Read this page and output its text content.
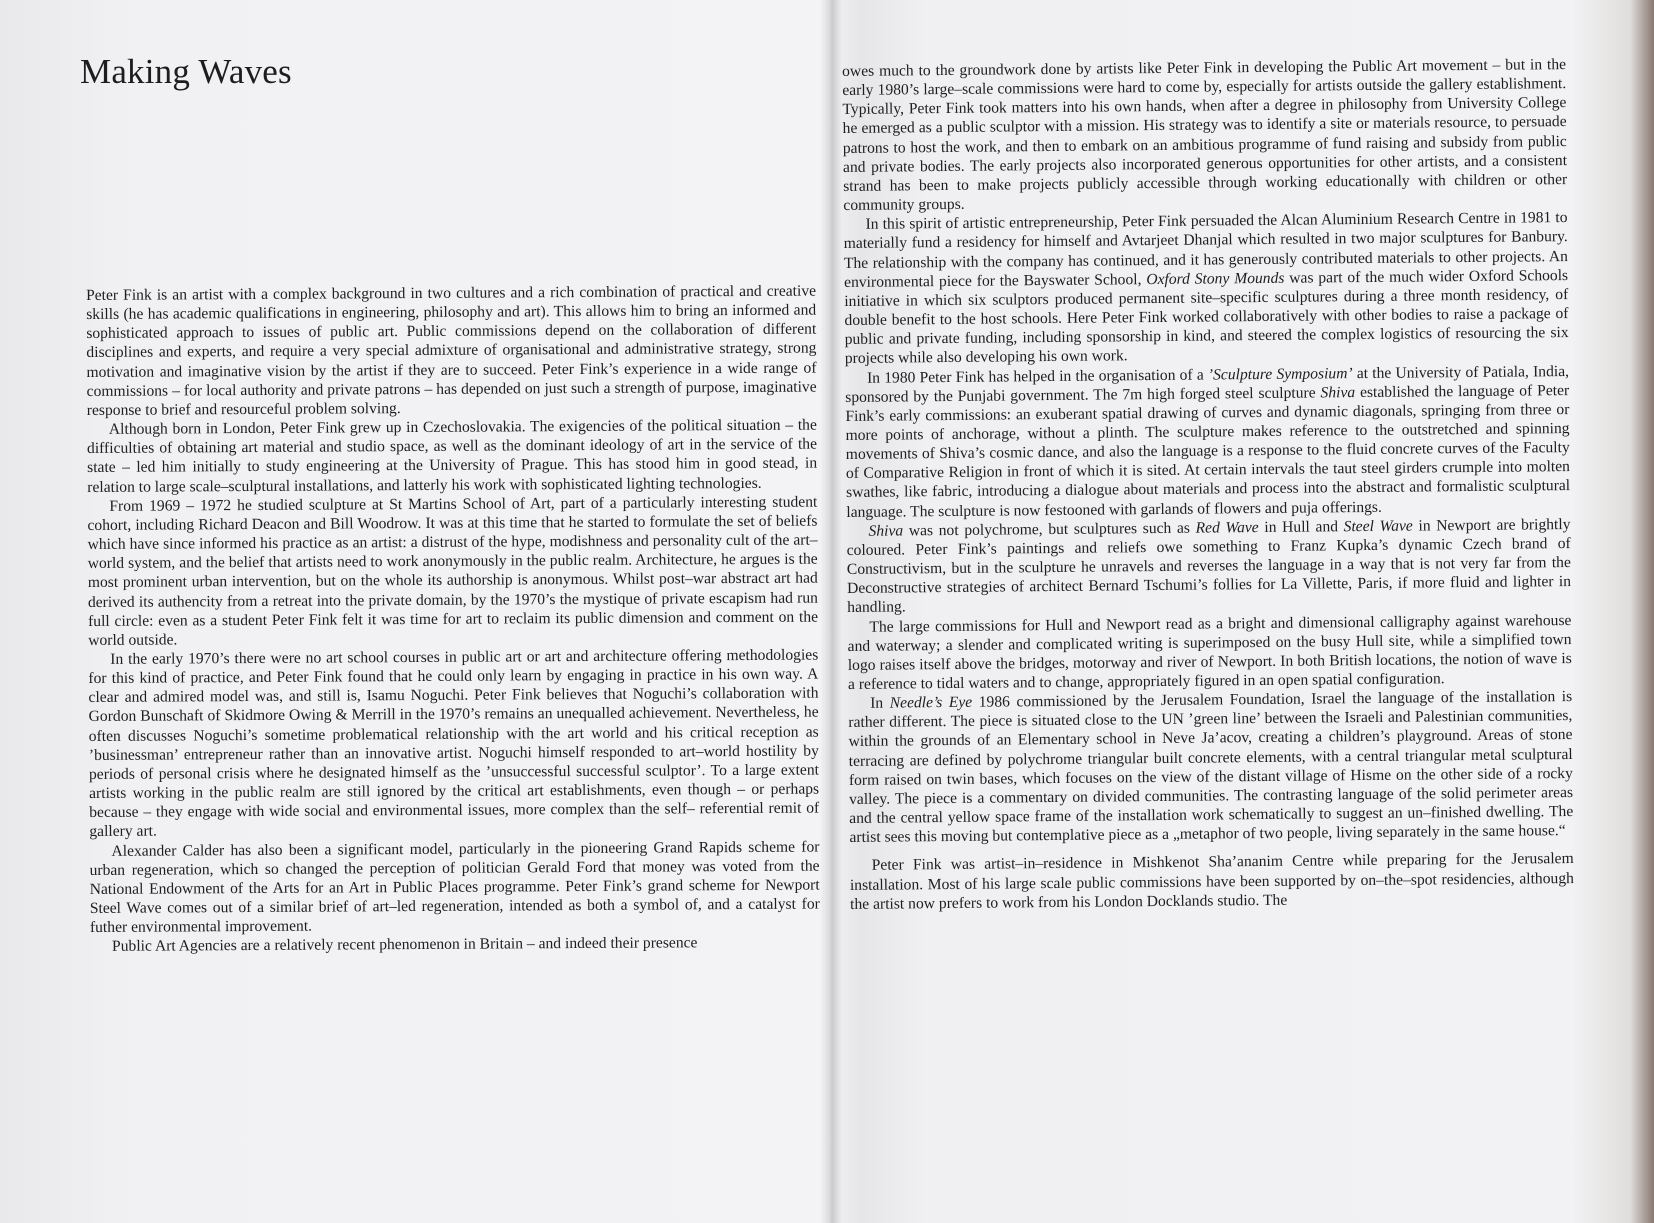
Making Waves

Peter Fink is an artist with a complex background in two cultures and a rich combination of practical and creative skills (he has academic qualifications in engineering, philosophy and art). This allows him to bring an informed and sophisticated approach to issues of public art. Public commissions depend on the collaboration of different disciplines and experts, and require a very special admixture of organisational and administrative strategy, strong motivation and imaginative vision by the artist if they are to succeed. Peter Fink’s experience in a wide range of commissions – for local authority and private patrons – has depended on just such a strength of purpose, imaginative response to brief and resourceful problem solving.

Although born in London, Peter Fink grew up in Czechoslovakia. The exigencies of the political situation – the difficulties of obtaining art material and studio space, as well as the dominant ideology of art in the service of the state – led him initially to study engineering at the University of Prague. This has stood him in good stead, in relation to large scale–sculptural installations, and latterly his work with sophisticated lighting technologies.

From 1969 – 1972 he studied sculpture at St Martins School of Art, part of a particularly interesting student cohort, including Richard Deacon and Bill Woodrow. It was at this time that he started to formulate the set of beliefs which have since informed his practice as an artist: a distrust of the hype, modishness and personality cult of the art–world system, and the belief that artists need to work anonymously in the public realm. Architecture, he argues is the most prominent urban intervention, but on the whole its authorship is anonymous. Whilst post–war abstract art had derived its authencity from a retreat into the private domain, by the 1970’s the mystique of private escapism had run full circle: even as a student Peter Fink felt it was time for art to reclaim its public dimension and comment on the world outside.

In the early 1970’s there were no art school courses in public art or art and architecture offering methodologies for this kind of practice, and Peter Fink found that he could only learn by engaging in practice in his own way. A clear and admired model was, and still is, Isamu Noguchi. Peter Fink believes that Noguchi’s collaboration with Gordon Bunschaft of Skidmore Owing & Merrill in the 1970’s remains an unequalled achievement. Nevertheless, he often discusses Noguchi’s sometime problematical relationship with the art world and his critical reception as ’businessman’ entrepreneur rather than an innovative artist. Noguchi himself responded to art–world hostility by periods of personal crisis where he designated himself as the ’unsuccessful successful sculptor’. To a large extent artists working in the public realm are still ignored by the critical art establishments, even though – or perhaps because – they engage with wide social and environmental issues, more complex than the self– referential remit of gallery art.

Alexander Calder has also been a significant model, particularly in the pioneering Grand Rapids scheme for urban regeneration, which so changed the perception of politician Gerald Ford that money was voted from the National Endowment of the Arts for an Art in Public Places programme. Peter Fink’s grand scheme for Newport Steel Wave comes out of a similar brief of art–led regeneration, intended as both a symbol of, and a catalyst for futher environmental improvement.

Public Art Agencies are a relatively recent phenomenon in Britain – and indeed their presence

owes much to the groundwork done by artists like Peter Fink in developing the Public Art movement – but in the early 1980’s large–scale commissions were hard to come by, especially for artists outside the gallery establishment. Typically, Peter Fink took matters into his own hands, when after a degree in philosophy from University College he emerged as a public sculptor with a mission. His strategy was to identify a site or materials resource, to persuade patrons to host the work, and then to embark on an ambitious programme of fund raising and subsidy from public and private bodies. The early projects also incorporated generous opportunities for other artists, and a consistent strand has been to make projects publicly accessible through working educationally with children or other community groups.

In this spirit of artistic entrepreneurship, Peter Fink persuaded the Alcan Aluminium Research Centre in 1981 to materially fund a residency for himself and Avtarjeet Dhanjal which resulted in two major sculptures for Banbury. The relationship with the company has continued, and it has generously contributed materials to other projects. An environmental piece for the Bayswater School, Oxford Stony Mounds was part of the much wider Oxford Schools initiative in which six sculptors produced permanent site–specific sculptures during a three month residency, of double benefit to the host schools. Here Peter Fink worked collaboratively with other bodies to raise a package of public and private funding, including sponsorship in kind, and steered the complex logistics of resourcing the six projects while also developing his own work.

In 1980 Peter Fink has helped in the organisation of a ’Sculpture Symposium’ at the University of Patiala, India, sponsored by the Punjabi government. The 7m high forged steel sculpture Shiva established the language of Peter Fink’s early commissions: an exuberant spatial drawing of curves and dynamic diagonals, springing from three or more points of anchorage, without a plinth. The sculpture makes reference to the outstretched and spinning movements of Shiva’s cosmic dance, and also the language is a response to the fluid concrete curves of the Faculty of Comparative Religion in front of which it is sited. At certain intervals the taut steel girders crumple into molten swathes, like fabric, introducing a dialogue about materials and process into the abstract and formalistic sculptural language. The sculpture is now festooned with garlands of flowers and puja offerings.

Shiva was not polychrome, but sculptures such as Red Wave in Hull and Steel Wave in Newport are brightly coloured. Peter Fink’s paintings and reliefs owe something to Franz Kupka’s dynamic Czech brand of Constructivism, but in the sculpture he unravels and reverses the language in a way that is not very far from the Deconstructive strategies of architect Bernard Tschumi’s follies for La Villette, Paris, if more fluid and lighter in handling.

The large commissions for Hull and Newport read as a bright and dimensional calligraphy against warehouse and waterway; a slender and complicated writing is superimposed on the busy Hull site, while a simplified town logo raises itself above the bridges, motorway and river of Newport. In both British locations, the notion of wave is a reference to tidal waters and to change, appropriately figured in an open spatial configuration.

In Needle’s Eye 1986 commissioned by the Jerusalem Foundation, Israel the language of the installation is rather different. The piece is situated close to the UN ’green line’ between the Israeli and Palestinian communities, within the grounds of an Elementary school in Neve Ja’acov, creating a children’s playground. Areas of stone terracing are defined by polychrome triangular built concrete elements, with a central triangular metal sculptural form raised on twin bases, which focuses on the view of the distant village of Hisme on the other side of a rocky valley. The piece is a commentary on divided communities. The contrasting language of the solid perimeter areas and the central yellow space frame of the installation work schematically to suggest an un–finished dwelling. The artist sees this moving but contemplative piece as a „metaphor of two people, living separately in the same house.“

Peter Fink was artist–in–residence in Mishkenot Sha’ananim Centre while preparing for the Jerusalem installation. Most of his large scale public commissions have been supported by on–the–spot residencies, although the artist now prefers to work from his London Docklands studio. The
